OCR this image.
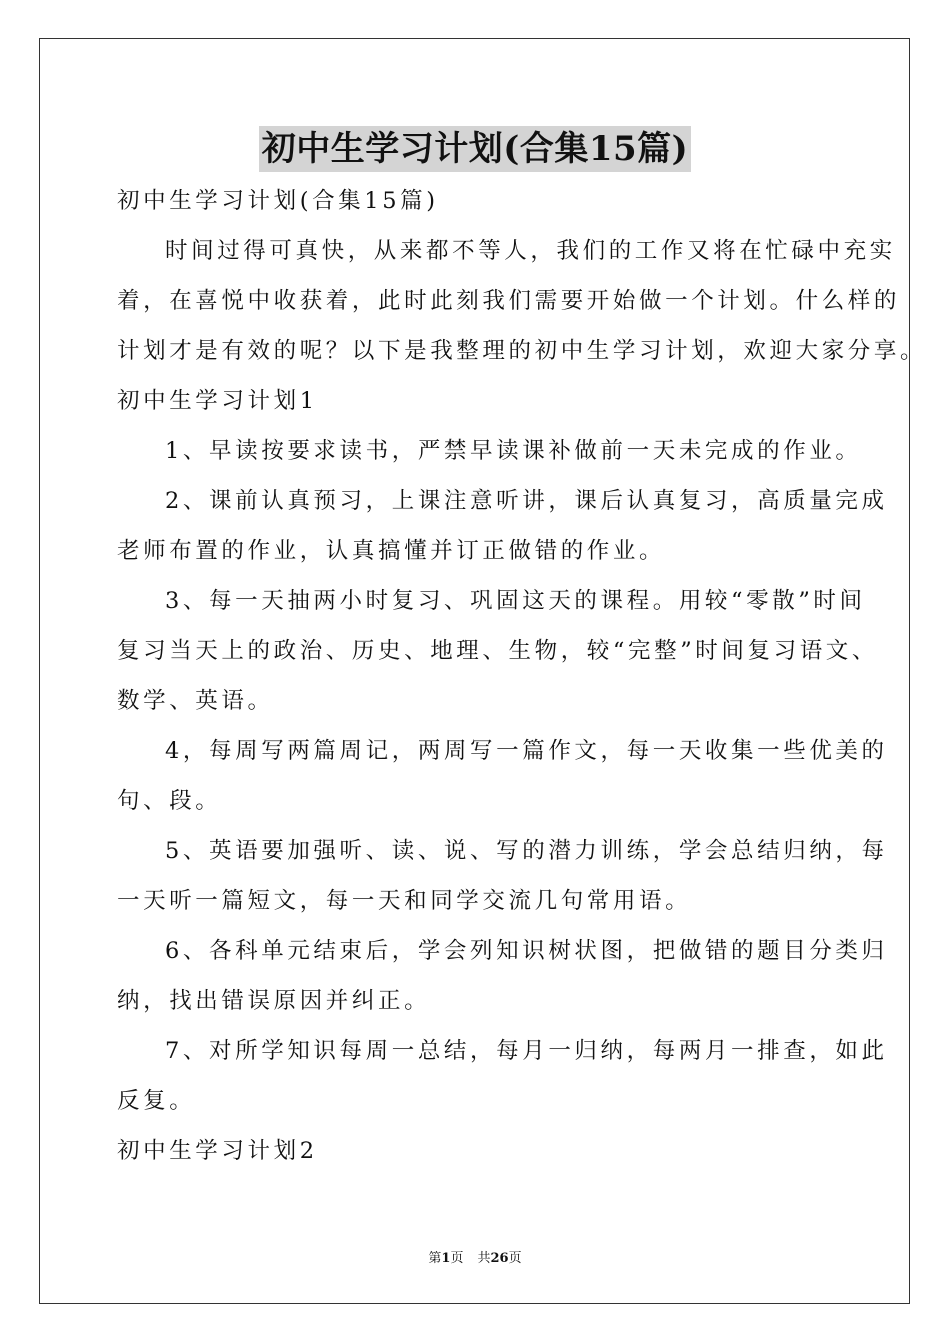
初中生学习计划(合集15篇)
初中生学习计划(合集15篇)
时间过得可真快，从来都不等人，我们的工作又将在忙碌中充实
着，在喜悦中收获着，此时此刻我们需要开始做一个计划。什么样的
计划才是有效的呢？以下是我整理的初中生学习计划，欢迎大家分享。
初中生学习计划1
1、早读按要求读书，严禁早读课补做前一天未完成的作业。
2、课前认真预习，上课注意听讲，课后认真复习，高质量完成
老师布置的作业，认真搞懂并订正做错的作业。
3、每一天抽两小时复习、巩固这天的课程。用较“零散”时间
复习当天上的政治、历史、地理、生物，较“完整”时间复习语文、
数学、英语。
4，每周写两篇周记，两周写一篇作文，每一天收集一些优美的
句、段。
5、英语要加强听、读、说、写的潜力训练，学会总结归纳，每
一天听一篇短文，每一天和同学交流几句常用语。
6、各科单元结束后，学会列知识树状图，把做错的题目分类归
纳，找出错误原因并纠正。
7、对所学知识每周一总结，每月一归纳，每两月一排查，如此
反复。
初中生学习计划2
第1页 共26页
